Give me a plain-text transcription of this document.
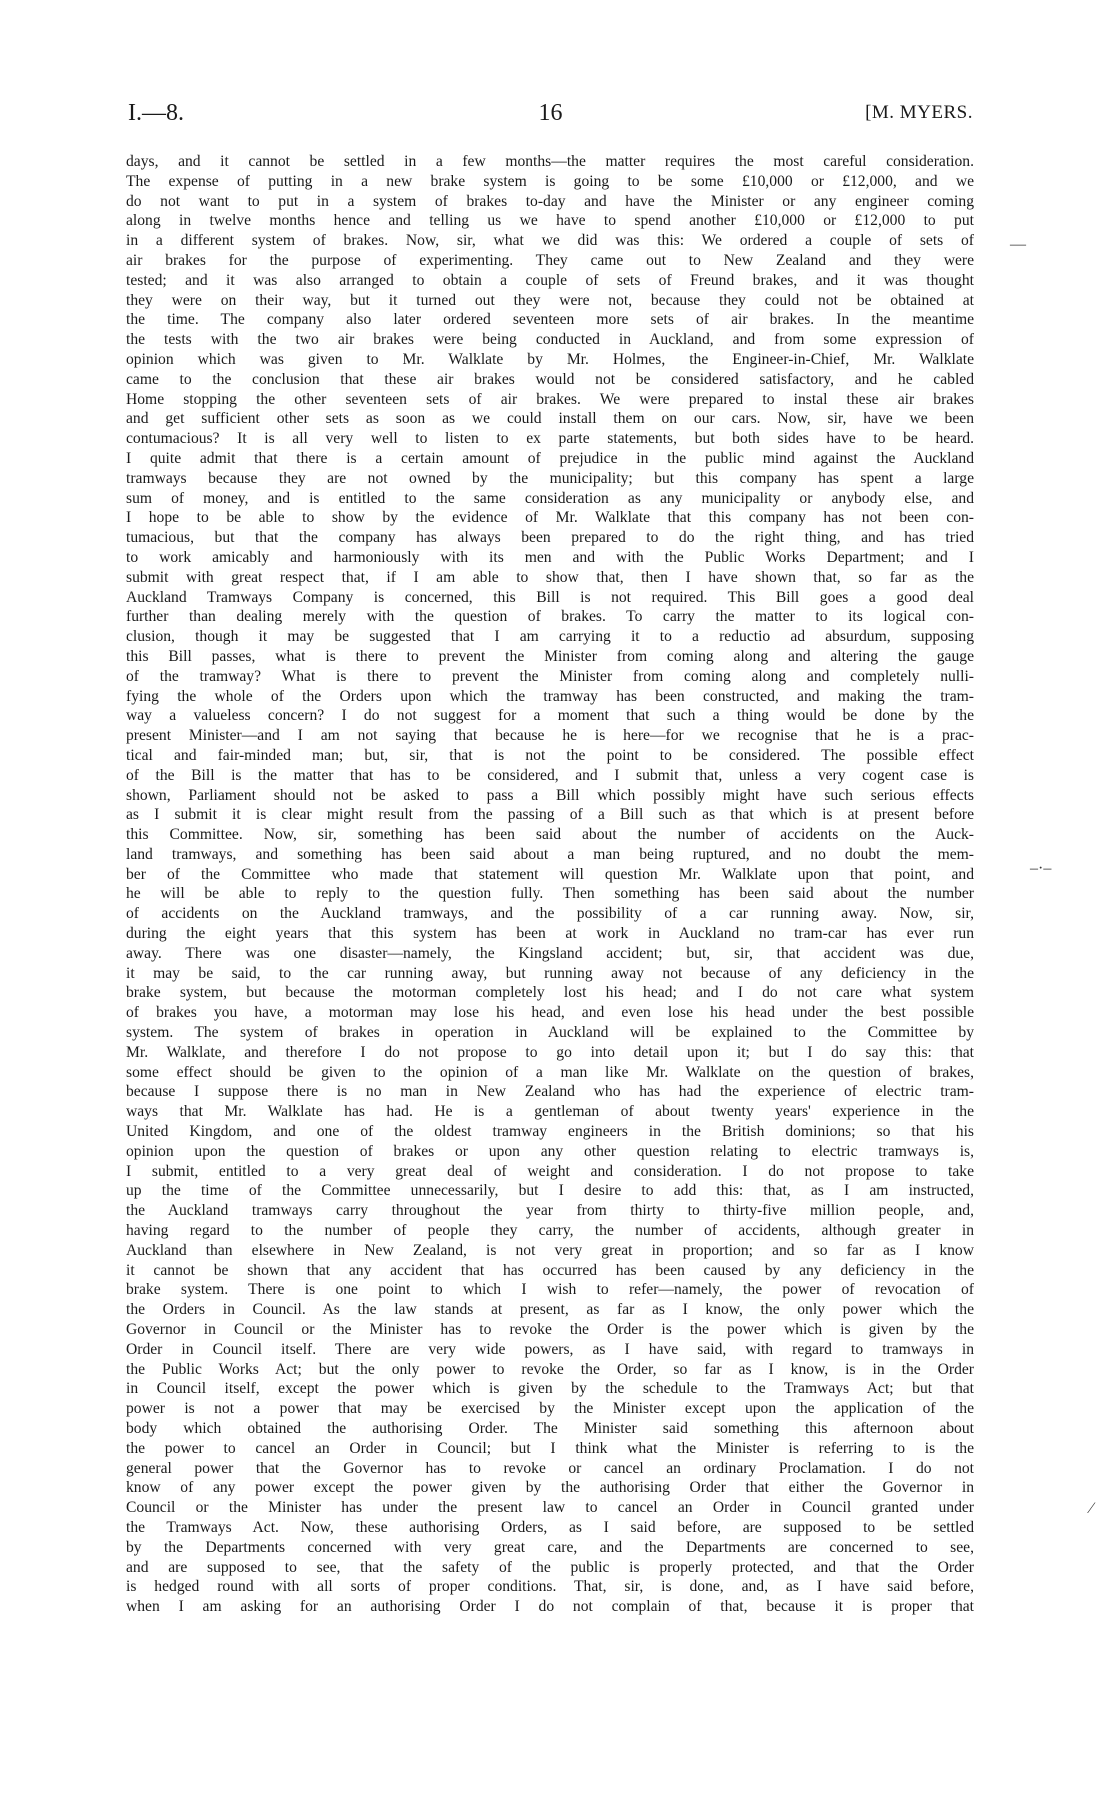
I.—8.	16	[M. MYERS.
days, and it cannot be settled in a few months—the matter requires the most careful consideration.
The expense of putting in a new brake system is going to be some £10,000 or £12,000, and we
do not want to put in a system of brakes to-day and have the Minister or any engineer coming
along in twelve months hence and telling us we have to spend another £10,000 or £12,000 to put
in a different system of brakes. Now, sir, what we did was this: We ordered a couple of sets of
air brakes for the purpose of experimenting. They came out to New Zealand and they were
tested; and it was also arranged to obtain a couple of sets of Freund brakes, and it was thought
they were on their way, but it turned out they were not, because they could not be obtained at
the time. The company also later ordered seventeen more sets of air brakes. In the meantime
the tests with the two air brakes were being conducted in Auckland, and from some expression of
opinion which was given to Mr. Walklate by Mr. Holmes, the Engineer-in-Chief, Mr. Walklate
came to the conclusion that these air brakes would not be considered satisfactory, and he cabled
Home stopping the other seventeen sets of air brakes. We were prepared to instal these air brakes
and get sufficient other sets as soon as we could install them on our cars. Now, sir, have we been
contumacious? It is all very well to listen to ex parte statements, but both sides have to be heard.
I quite admit that there is a certain amount of prejudice in the public mind against the Auckland
tramways because they are not owned by the municipality; but this company has spent a large
sum of money, and is entitled to the same consideration as any municipality or anybody else, and
I hope to be able to show by the evidence of Mr. Walklate that this company has not been con-
tumacious, but that the company has always been prepared to do the right thing, and has tried
to work amicably and harmoniously with its men and with the Public Works Department; and I
submit with great respect that, if I am able to show that, then I have shown that, so far as the
Auckland Tramways Company is concerned, this Bill is not required. This Bill goes a good deal
further than dealing merely with the question of brakes. To carry the matter to its logical con-
clusion, though it may be suggested that I am carrying it to a reductio ad absurdum, supposing
this Bill passes, what is there to prevent the Minister from coming along and altering the gauge
of the tramway? What is there to prevent the Minister from coming along and completely nulli-
fying the whole of the Orders upon which the tramway has been constructed, and making the tram-
way a valueless concern? I do not suggest for a moment that such a thing would be done by the
present Minister—and I am not saying that because he is here—for we recognise that he is a prac-
tical and fair-minded man; but, sir, that is not the point to be considered. The possible effect
of the Bill is the matter that has to be considered, and I submit that, unless a very cogent case is
shown, Parliament should not be asked to pass a Bill which possibly might have such serious effects
as I submit it is clear might result from the passing of a Bill such as that which is at present before
this Committee. Now, sir, something has been said about the number of accidents on the Auck-
land tramways, and something has been said about a man being ruptured, and no doubt the mem-
ber of the Committee who made that statement will question Mr. Walklate upon that point, and
he will be able to reply to the question fully. Then something has been said about the number
of accidents on the Auckland tramways, and the possibility of a car running away. Now, sir,
during the eight years that this system has been at work in Auckland no tram-car has ever run
away. There was one disaster—namely, the Kingsland accident; but, sir, that accident was due,
it may be said, to the car running away, but running away not because of any deficiency in the
brake system, but because the motorman completely lost his head; and I do not care what system
of brakes you have, a motorman may lose his head, and even lose his head under the best possible
system. The system of brakes in operation in Auckland will be explained to the Committee by
Mr. Walklate, and therefore I do not propose to go into detail upon it; but I do say this: that
some effect should be given to the opinion of a man like Mr. Walklate on the question of brakes,
because I suppose there is no man in New Zealand who has had the experience of electric tram-
ways that Mr. Walklate has had. He is a gentleman of about twenty years' experience in the
United Kingdom, and one of the oldest tramway engineers in the British dominions; so that his
opinion upon the question of brakes or upon any other question relating to electric tramways is,
I submit, entitled to a very great deal of weight and consideration. I do not propose to take
up the time of the Committee unnecessarily, but I desire to add this: that, as I am instructed,
the Auckland tramways carry throughout the year from thirty to thirty-five million people, and,
having regard to the number of people they carry, the number of accidents, although greater in
Auckland than elsewhere in New Zealand, is not very great in proportion; and so far as I know
it cannot be shown that any accident that has occurred has been caused by any deficiency in the
brake system. There is one point to which I wish to refer—namely, the power of revocation of
the Orders in Council. As the law stands at present, as far as I know, the only power which the
Governor in Council or the Minister has to revoke the Order is the power which is given by the
Order in Council itself. There are very wide powers, as I have said, with regard to tramways in
the Public Works Act; but the only power to revoke the Order, so far as I know, is in the Order
in Council itself, except the power which is given by the schedule to the Tramways Act; but that
power is not a power that may be exercised by the Minister except upon the application of the
body which obtained the authorising Order. The Minister said something this afternoon about
the power to cancel an Order in Council; but I think what the Minister is referring to is the
general power that the Governor has to revoke or cancel an ordinary Proclamation. I do not
know of any power except the power given by the authorising Order that either the Governor in
Council or the Minister has under the present law to cancel an Order in Council granted under
the Tramways Act. Now, these authorising Orders, as I said before, are supposed to be settled
by the Departments concerned with very great care, and the Departments are concerned to see,
and are supposed to see, that the safety of the public is properly protected, and that the Order
is hedged round with all sorts of proper conditions. That, sir, is done, and, as I have said before,
when I am asking for an authorising Order I do not complain of that, because it is proper that
—
–·–
⁄
